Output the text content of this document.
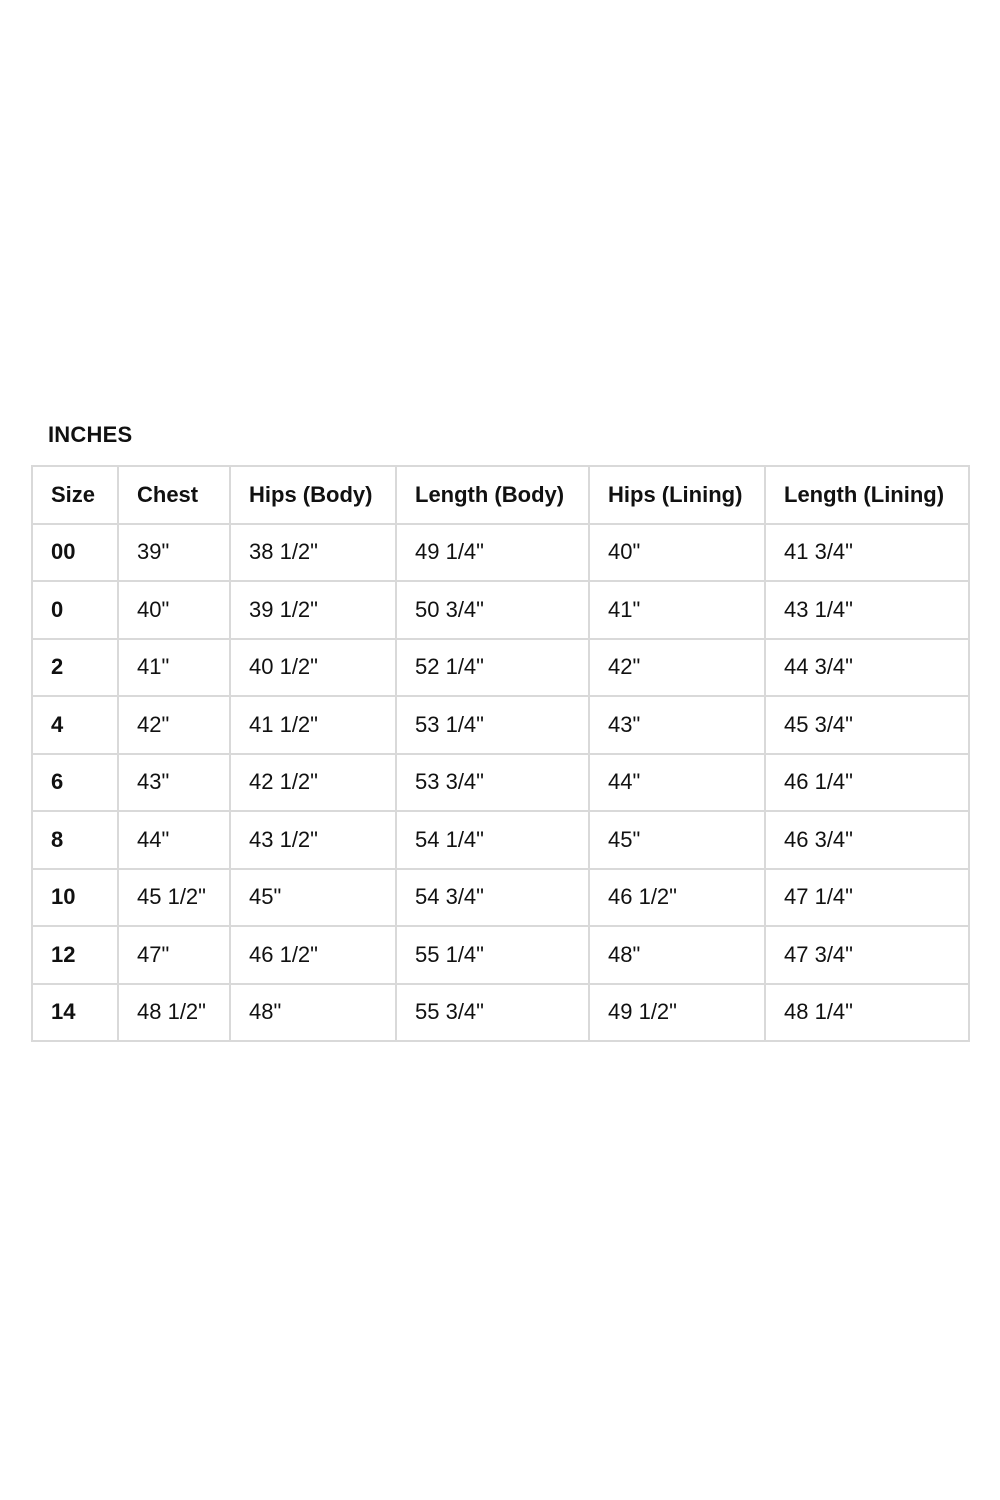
INCHES
Size	Chest	Hips (Body)	Length (Body)	Hips (Lining)	Length (Lining)
00	39"	38 1/2"	49 1/4"	40"	41 3/4"
0	40"	39 1/2"	50 3/4"	41"	43 1/4"
2	41"	40 1/2"	52 1/4"	42"	44 3/4"
4	42"	41 1/2"	53 1/4"	43"	45 3/4"
6	43"	42 1/2"	53 3/4"	44"	46 1/4"
8	44"	43 1/2"	54 1/4"	45"	46 3/4"
10	45 1/2"	45"	54 3/4"	46 1/2"	47 1/4"
12	47"	46 1/2"	55 1/4"	48"	47 3/4"
14	48 1/2"	48"	55 3/4"	49 1/2"	48 1/4"
